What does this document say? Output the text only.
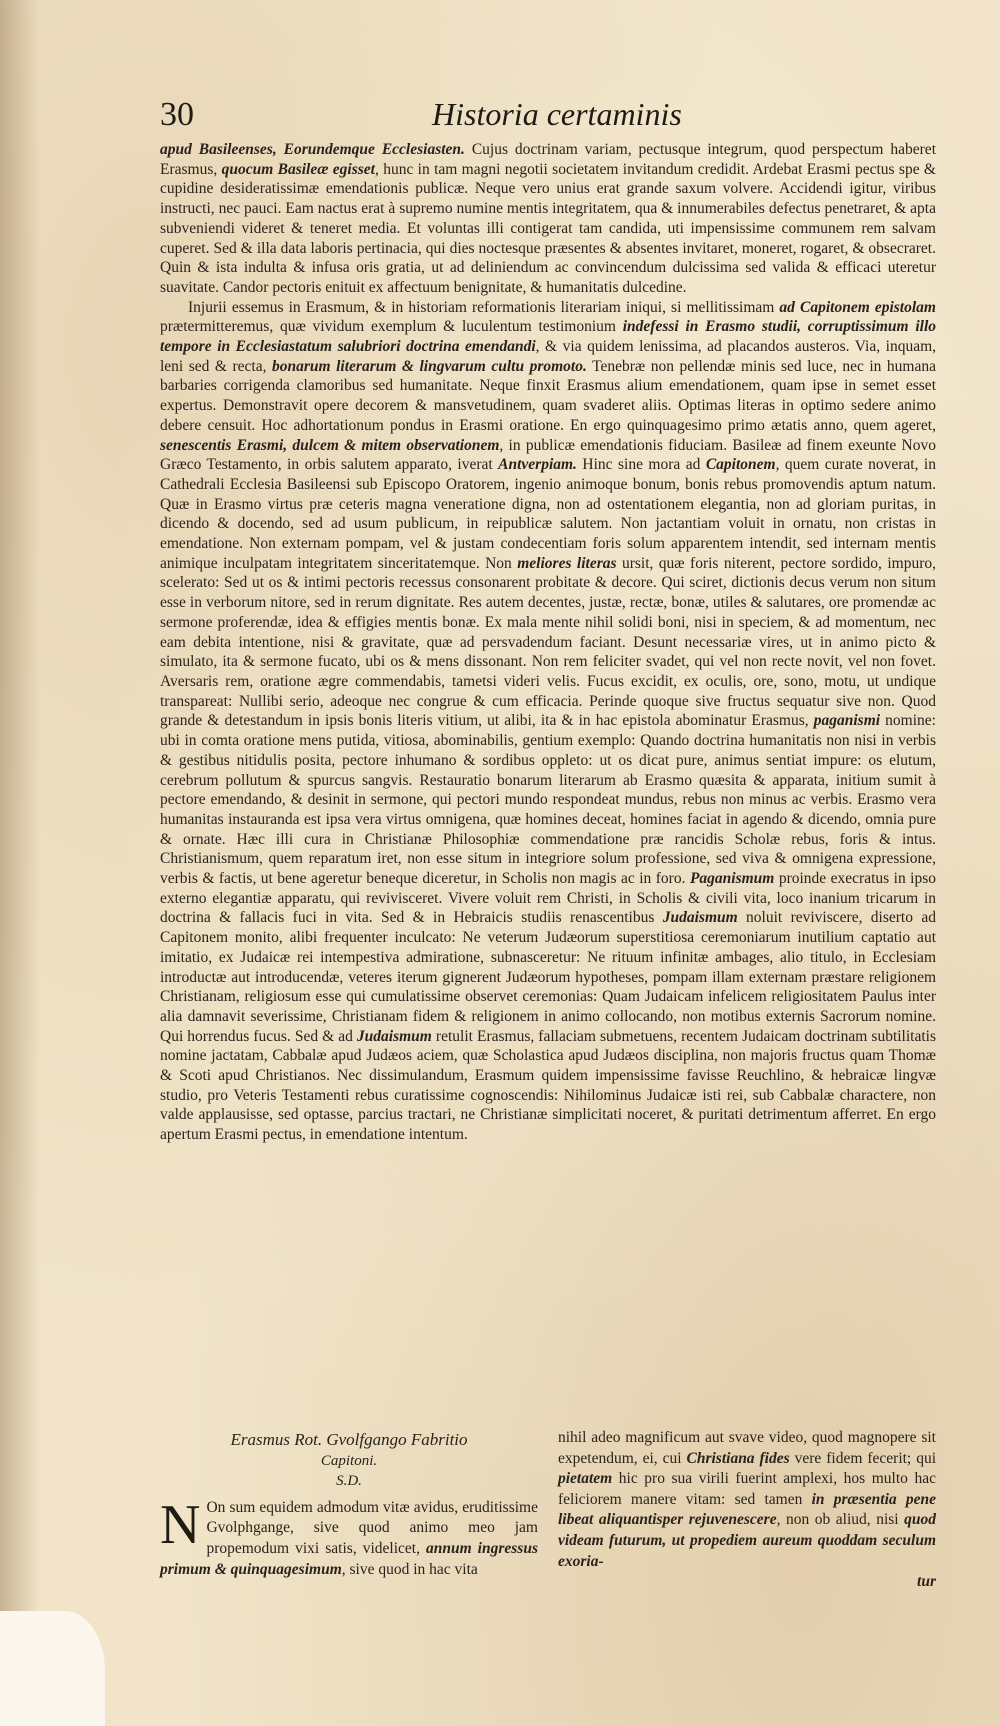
30	Historia certaminis

apud Basileenses, Eorundemque Ecclesiasten. Cujus doctrinam variam, pectusque integrum, quod perspectum haberet Erasmus, quocum Basileæ egisset, hunc in tam magni negotii societatem invitandum credidit. Ardebat Erasmi pectus spe & cupidine desideratissimæ emendationis publicæ. Neque vero unius erat grande saxum volvere. Accidendi igitur, viribus instructi, nec pauci. Eam nactus erat à supremo numine mentis integritatem, qua & innumerabiles defectus penetraret, & apta subveniendi videret & teneret media. Et voluntas illi contigerat tam candida, uti impensissime communem rem salvam cuperet. Sed & illa data laboris pertinacia, qui dies noctesque præsentes & absentes invitaret, moneret, rogaret, & obsecraret. Quin & ista indulta & infusa oris gratia, ut ad deliniendum ac convincendum dulcissima sed valida & efficaci uteretur suavitate. Candor pectoris enituit ex affectuum benignitate, & humanitatis dulcedine.

Injurii essemus in Erasmum, & in historiam reformationis literariam iniqui, si mellitissimam ad Capitonem epistolam prætermitteremus, quæ vividum exemplum & luculentum testimonium indefessi in Erasmo studii, corruptissimum illo tempore in Ecclesiastatum salubriori doctrina emendandi, & via quidem lenissima, ad placandos austeros. Via, inquam, leni sed & recta, bonarum literarum & lingvarum cultu promoto. Tenebræ non pellendæ minis sed luce, nec in humana barbaries corrigenda clamoribus sed humanitate. Neque finxit Erasmus alium emendationem, quam ipse in semet esset expertus. Demonstravit opere decorem & mansvetudinem, quam svaderet aliis. Optimas literas in optimo sedere animo debere censuit. Hoc adhortationum pondus in Erasmi oratione. En ergo quinquagesimo primo ætatis anno, quem ageret, senescentis Erasmi, dulcem & mitem observationem, in publicæ emendationis fiduciam. Basileæ ad finem exeunte Novo Græco Testamento, in orbis salutem apparato, iverat Antverpiam. Hinc sine mora ad Capitonem, quem curate noverat, in Cathedrali Ecclesia Basileensi sub Episcopo Oratorem, ingenio animoque bonum, bonis rebus promovendis aptum natum. Quæ in Erasmo virtus præ ceteris magna veneratione digna, non ad ostentationem elegantia, non ad gloriam puritas, in dicendo & docendo, sed ad usum publicum, in reipublicæ salutem. Non jactantiam voluit in ornatu, non cristas in emendatione. Non externam pompam, vel & justam condecentiam foris solum apparentem intendit, sed internam mentis animique inculpatam integritatem sinceritatemque. Non meliores literas ursit, quæ foris niterent, pectore sordido, impuro, scelerato: Sed ut os & intimi pectoris recessus consonarent probitate & decore. Qui sciret, dictionis decus verum non situm esse in verborum nitore, sed in rerum dignitate. Res autem decentes, justæ, rectæ, bonæ, utiles & salutares, ore promendæ ac sermone proferendæ, idea & effigies mentis bonæ. Ex mala mente nihil solidi boni, nisi in speciem, & ad momentum, nec eam debita intentione, nisi & gravitate, quæ ad persvadendum faciant. Desunt necessariæ vires, ut in animo picto & simulato, ita & sermone fucato, ubi os & mens dissonant. Non rem feliciter svadet, qui vel non recte novit, vel non fovet. Aversaris rem, oratione ægre commendabis, tametsi videri velis. Fucus excidit, ex oculis, ore, sono, motu, ut undique transpareat: Nullibi serio, adeoque nec congrue & cum efficacia. Perinde quoque sive fructus sequatur sive non. Quod grande & detestandum in ipsis bonis literis vitium, ut alibi, ita & in hac epistola abominatur Erasmus, paganismi nomine: ubi in comta oratione mens putida, vitiosa, abominabilis, gentium exemplo: Quando doctrina humanitatis non nisi in verbis & gestibus nitidulis posita, pectore inhumano & sordibus oppleto: ut os dicat pure, animus sentiat impure: os elutum, cerebrum pollutum & spurcus sangvis. Restauratio bonarum literarum ab Erasmo quæsita & apparata, initium sumit à pectore emendando, & desinit in sermone, qui pectori mundo respondeat mundus, rebus non minus ac verbis. Erasmo vera humanitas instauranda est ipsa vera virtus omnigena, quæ homines deceat, homines faciat in agendo & dicendo, omnia pure & ornate. Hæc illi cura in Christianæ Philosophiæ commendatione præ rancidis Scholæ rebus, foris & intus. Christianismum, quem reparatum iret, non esse situm in integriore solum professione, sed viva & omnigena expressione, verbis & factis, ut bene ageretur beneque diceretur, in Scholis non magis ac in foro. Paganismum proinde execratus in ipso externo elegantiæ apparatu, qui revivisceret. Vivere voluit rem Christi, in Scholis & civili vita, loco inanium tricarum in doctrina & fallacis fuci in vita. Sed & in Hebraicis studiis renascentibus Judaismum noluit reviviscere, diserto ad Capitonem monito, alibi frequenter inculcato: Ne veterum Judæorum superstitiosa ceremoniarum inutilium captatio aut imitatio, ex Judaicæ rei intempestiva admiratione, subnasceretur: Ne rituum infinitæ ambages, alio titulo, in Ecclesiam introductæ aut introducendæ, veteres iterum gignerent Judæorum hypotheses, pompam illam externam præstare religionem Christianam, religiosum esse qui cumulatissime observet ceremonias: Quam Judaicam infelicem religiositatem Paulus inter alia damnavit severissime, Christianam fidem & religionem in animo collocando, non motibus externis Sacrorum nomine. Qui horrendus fucus. Sed & ad Judaismum retulit Erasmus, fallaciam submetuens, recentem Judaicam doctrinam subtilitatis nomine jactatam, Cabbalæ apud Judæos aciem, quæ Scholastica apud Judæos disciplina, non majoris fructus quam Thomæ & Scoti apud Christianos. Nec dissimulandum, Erasmum quidem impensissime favisse Reuchlino, & hebraicæ lingvæ studio, pro Veteris Testamenti rebus curatissime cognoscendis: Nihilominus Judaicæ isti rei, sub Cabbalæ charactere, non valde applausisse, sed optasse, parcius tractari, ne Christianæ simplicitati noceret, & puritati detrimentum afferret. En ergo apertum Erasmi pectus, in emendatione intentum.

Erasmus Rot. Gvolfgango Fabritio

Capitoni.

S.D.

N On sum equidem admodum vitæ avidus, eruditissime Gvolphgange, sive quod animo meo jam propemodum vixi satis, videlicet, annum ingressus primum & quinquagesimum, sive quod in hac vita

nihil adeo magnificum aut svave video, quod magnopere sit expetendum, ei, cui Christiana fides vere fidem fecerit; qui pietatem hic pro sua virili fuerint amplexi, hos multo hac feliciorem manere vitam: sed tamen in præsentia pene libeat aliquantisper rejuvenescere, non ob aliud, nisi quod videam futurum, ut propediem aureum quoddam seculum exoria-

tur
